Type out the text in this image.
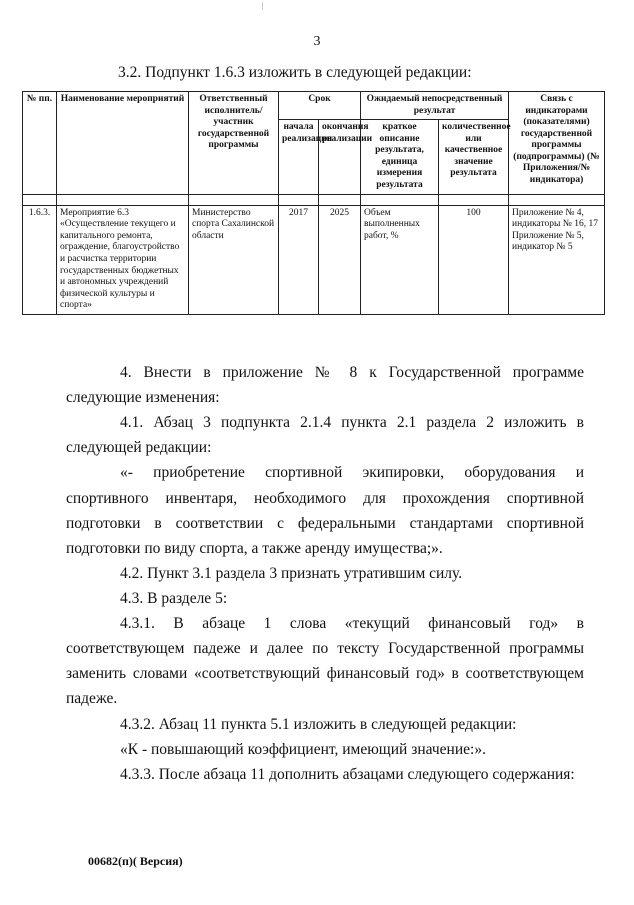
3
3.2. Подпункт 1.6.3 изложить в следующей редакции:
№ пп.	Наименование мероприятий	Ответственный исполнитель/участник государственной программы	Срок		Ожидаемый непосредственный результат		Связь с индикаторами (показателями) государственной программы (подпрограммы) (№ Приложения/№ индикатора)
			начала реализации	окончания реализации	краткое описание результата, единица измерения результата	количественное или качественное значение результата	

1.6.3.	Мероприятие 6.3 «Осуществление текущего и капитального ремонта, ограждение, благоустройство и расчистка территории государственных бюджетных и автономных учреждений физической культуры и спорта»	Министерство спорта Сахалинской области	2017	2025	Объем выполненных работ, %	100	Приложение № 4, индикаторы № 16, 17
Приложение № 5, индикатор № 5

4. Внести в приложение № 8 к Государственной программе следующие изменения:

4.1. Абзац 3 подпункта 2.1.4 пункта 2.1 раздела 2 изложить в следующей редакции:

«- приобретение спортивной экипировки, оборудования и спортивного инвентаря, необходимого для прохождения спортивной подготовки в соответствии с федеральными стандартами спортивной подготовки по виду спорта, а также аренду имущества;».

4.2. Пункт 3.1 раздела 3 признать утратившим силу.

4.3. В разделе 5:

4.3.1. В абзаце 1 слова «текущий финансовый год» в соответствующем падеже и далее по тексту Государственной программы заменить словами «соответствующий финансовый год» в соответствующем падеже.

4.3.2. Абзац 11 пункта 5.1 изложить в следующей редакции:

«К - повышающий коэффициент, имеющий значение:».

4.3.3. После абзаца 11 дополнить абзацами следующего содержания:

00682(п)( Версия)
